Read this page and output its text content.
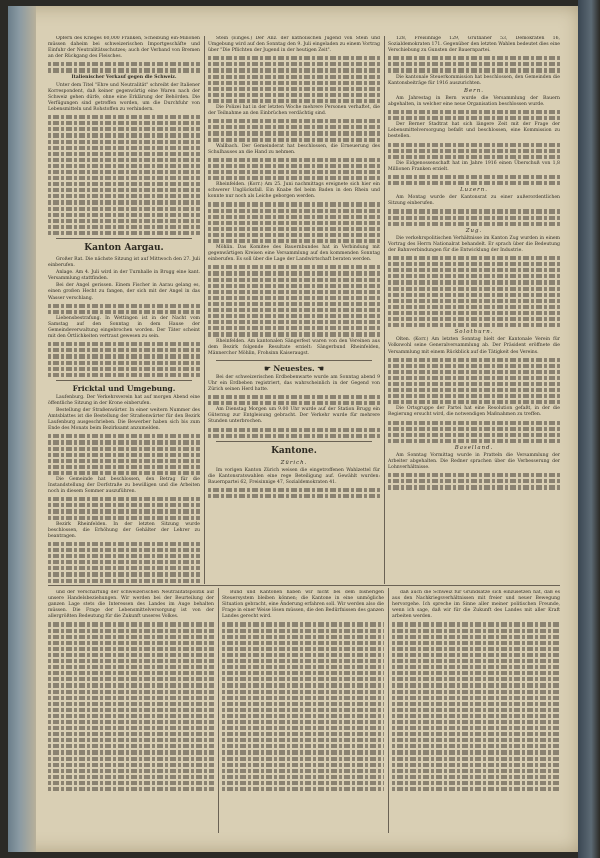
Opfern des Krieges 60,000 Franken, Scheibung ein-Milionen müssen daheim bei schweizerischen Importgeschäfte und Einfuhr der Neutralitätsschutzes; auch der Verband von Bremen an der Rückgang des Fleisches.

Italienischer Verkauf gegen die Schweiz.

Unter dem Titel "Ehre und Neutralität" schreibt der Italiener Korrespondent, daß keiner gegenwärtig eine Waren nach der Schweiz gehen dürfe, ohne eine Erklärung der Behörden. Die Verfügungen sind getroffen worden, um die Durchfuhr von Lebensmitteln und Rohstoffen zu verhindern.

Kanton Aargau.

Großer Rat. Die nächste Sitzung ist auf Mittwoch den 27. Juli einberufen.

Anlage. Am 4. Juli wird in der Turnhalle in Brugg eine kant. Versammlung stattfinden.

Bei der Angel gerissen. Einem Fischer in Aarau gelang es, einen großen Hecht zu fangen, der sich mit der Angel in das Wasser verschlang.

Liebensbestrafung. In Wettingen ist in der Nacht vom Samstag auf den Sonntag in dem Hause der Gemeindeverwaltung eingebrochen worden. Der Täter scheint mit den Örtlichkeiten vertraut gewesen zu sein.

Fricktal und Umgebung.

Laufenburg. Der Verkehrsverein hat auf morgen Abend eine öffentliche Sitzung in der Krone einberufen.

Bestellung der Straßenwärter. In einer weitern Nummer des Amtsblattes ist die Bestellung der Straßenwärter für den Bezirk Laufenburg ausgeschrieben. Die Bewerber haben sich bis zum Ende des Monats beim Bezirksamt anzumelden.

Die Gemeinde hat beschlossen, den Betrag für die Instandstellung der Dorfstraße zu bewilligen und die Arbeiten noch in diesem Sommer auszuführen.

Bezirk Rheinfelden. In der letzten Sitzung wurde beschlossen, die Erhöhung der Gehälter der Lehrer zu beantragen.

Stein (Einges.) Der Anz. der katholischen Jugend von Stein und Umgebung wird auf den Sonntag den 9. Juli eingeladen zu einem Vortrag über "Die Pflichten der Jugend in der heutigen Zeit".

Die Polizei hat in der letzten Woche mehrere Personen verhaftet, die der Teilnahme an den Einbrüchen verdächtig sind.

Wallbach. Der Gemeinderat hat beschlossen, die Erneuerung des Schulhauses an die Hand zu nehmen.

Rheinfelden. (Korr.) Am 25. Juni nachmittags ereignete sich hier ein schwerer Unglücksfall. Ein Knabe fiel beim Baden in den Rhein und konnte nur noch als Leiche geborgen werden.

Möhlin. Das Komitee des Bauernbundes hat in Verbindung mit gegenwärtigen Kreisen eine Versammlung auf den kommenden Sonntag einberufen. Es soll über die Lage der Landwirtschaft beraten werden.

Rheinfelden. Am kantonalen Sängerfest waren von den Vereinen aus dem Bezirk folgende Resultate erzielt: Sängerbund Rheinfelden, Männerchor Möhlin, Frohsinn Kaiseraugst.

☛ Neuestes. ☚

Bei der schweizerischen Erdbebenwarte wurde am Sonntag abend 9 Uhr ein Erdbeben registriert, das wahrscheinlich in der Gegend von Zürich seinen Herd hatte.

Am Dienstag Morgen um 9.00 Uhr wurde auf der Station Brugg ein Güterzug zur Entgleisung gebracht. Der Verkehr wurde für mehrere Stunden unterbrochen.

Kantone.

Zürich.

Im vorigen Kanton Zürich weisen die eingetroffenen Wahlzettel für die Kantonsratswahlen eine rege Beteiligung auf. Gewählt wurden: Bauernpartei 62, Freisinnige 47, Sozialdemokraten 41.

128, Freisinnige 129, Grütlianer 53, Demokraten 16, Sozialdemokraten 171. Gegenüber den letzten Wahlen bedeutet dies eine Verschiebung zu Gunsten der Bauernpartei.

Die kantonale Steuerkommission hat beschlossen, den Gemeinden die Kantonsbeiträge für 1916 auszurichten.

Bern.

Am Jahrestag in Bern wurde die Versammlung der Bauern abgehalten, in welcher eine neue Organisation beschlossen wurde.

Der Berner Stadtrat hat sich längere Zeit mit der Frage der Lebensmittelversorgung befaßt und beschlossen, eine Kommission zu bestellen.

Die Eidgenossenschaft hat im Jahre 1916 einen Überschuß von 1,8 Millionen Franken erzielt.

Luzern.

Am Montag wurde der Kantonsrat zu einer außerordentlichen Sitzung einberufen.

Zug.

Die verkehrspolitischen Verhältnisse im Kanton Zug wurden in einem Vortrag des Herrn Nationalrat behandelt. Er sprach über die Bedeutung der Bahnverbindungen für die Entwicklung der Industrie.

Solothurn.

Olten. (Korr.) Am letzten Sonntag hielt der Kantonale Verein für Volkswohl seine Generalversammlung ab. Der Präsident eröffnete die Versammlung mit einem Rückblick auf die Tätigkeit des Vereins.

Die Ortsgruppe der Partei hat eine Resolution gefaßt, in der die Regierung ersucht wird, die notwendigen Maßnahmen zu treffen.

Baselland.

Am Sonntag Vormittag wurde in Pratteln die Versammlung der Arbeiter abgehalten. Die Redner sprachen über die Verbesserung der Lohnverhältnisse.

und der Verschärfung der schweizerischen Neutralitätspolitik auf unsere Handelsbeziehungen. Wir werden bei der Beurteilung der ganzen Lage stets die Interessen des Landes im Auge behalten müssen. Die Frage der Lebensmittelversorgung ist von der allergrößten Bedeutung für die Zukunft unseres Volkes.

Bund und Kantonen haben wir nicht bei dem bisherigen Steuersystem bleiben können; die Kantone in eine unmögliche Situation gebracht, eine Änderung erfahren soll. Wir werden also die Frage in einer Weise lösen müssen, die den Bedürfnissen des ganzen Landes gerecht wird.

daß auch die Schweiz für Grundsätze sich einzusetzen hat, daß es aus den Nachkriegsverhältnissen mit freier und neuer Bewegung hervorgehe. Ich spreche im Sinne aller meiner politischen Freunde, wenn ich sage, daß wir für die Zukunft des Landes mit aller Kraft arbeiten werden.
